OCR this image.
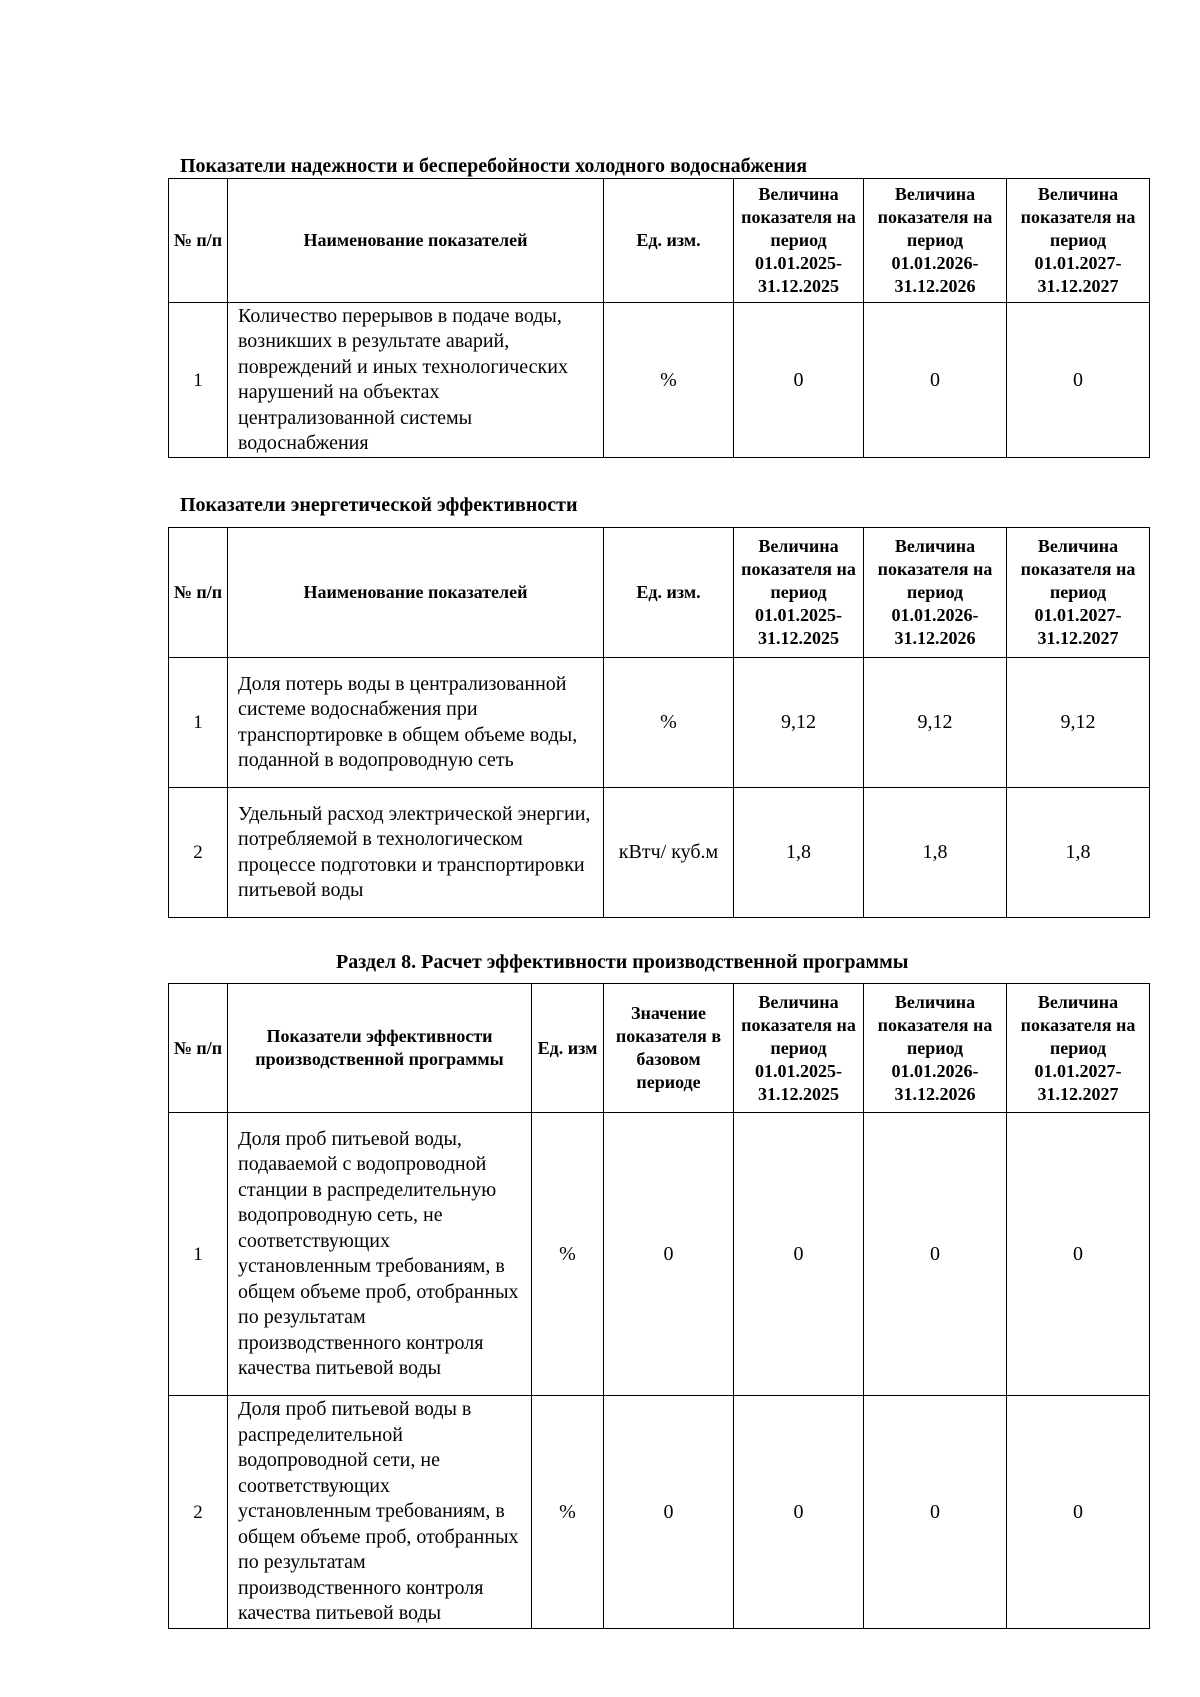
Показатели надежности и бесперебойности холодного водоснабжения
№ п/п	Наименование показателей	Ед. изм.	Величина показателя на период 01.01.2025-31.12.2025	Величина показателя на период 01.01.2026-31.12.2026	Величина показателя на период 01.01.2027-31.12.2027
1	Количество перерывов в подаче воды, возникших в результате аварий, повреждений и иных технологических нарушений на объектах централизованной системы водоснабжения	%	0	0	0
Показатели энергетической эффективности
№ п/п	Наименование показателей	Ед. изм.	Величина показателя на период 01.01.2025-31.12.2025	Величина показателя на период 01.01.2026-31.12.2026	Величина показателя на период 01.01.2027-31.12.2027
1	Доля потерь воды в централизованной системе водоснабжения при транспортировке в общем объеме воды, поданной в водопроводную сеть	%	9,12	9,12	9,12
2	Удельный расход электрической энергии, потребляемой в технологическом процессе подготовки и транспортировки питьевой воды	кВтч/ куб.м	1,8	1,8	1,8
Раздел 8. Расчет эффективности производственной программы
№ п/п	Показатели эффективности производственной программы	Ед. изм	Значение показателя в базовом периоде	Величина показателя на период 01.01.2025-31.12.2025	Величина показателя на период 01.01.2026-31.12.2026	Величина показателя на период 01.01.2027-31.12.2027
1	Доля проб питьевой воды, подаваемой с водопроводной станции в распределительную водопроводную сеть, не соответствующих установленным требованиям, в общем объеме проб, отобранных по результатам производственного контроля качества питьевой воды	%	0	0	0	0
2	Доля проб питьевой воды в распределительной водопроводной сети, не соответствующих установленным требованиям, в общем объеме проб, отобранных по результатам производственного контроля качества питьевой воды	%	0	0	0	0
